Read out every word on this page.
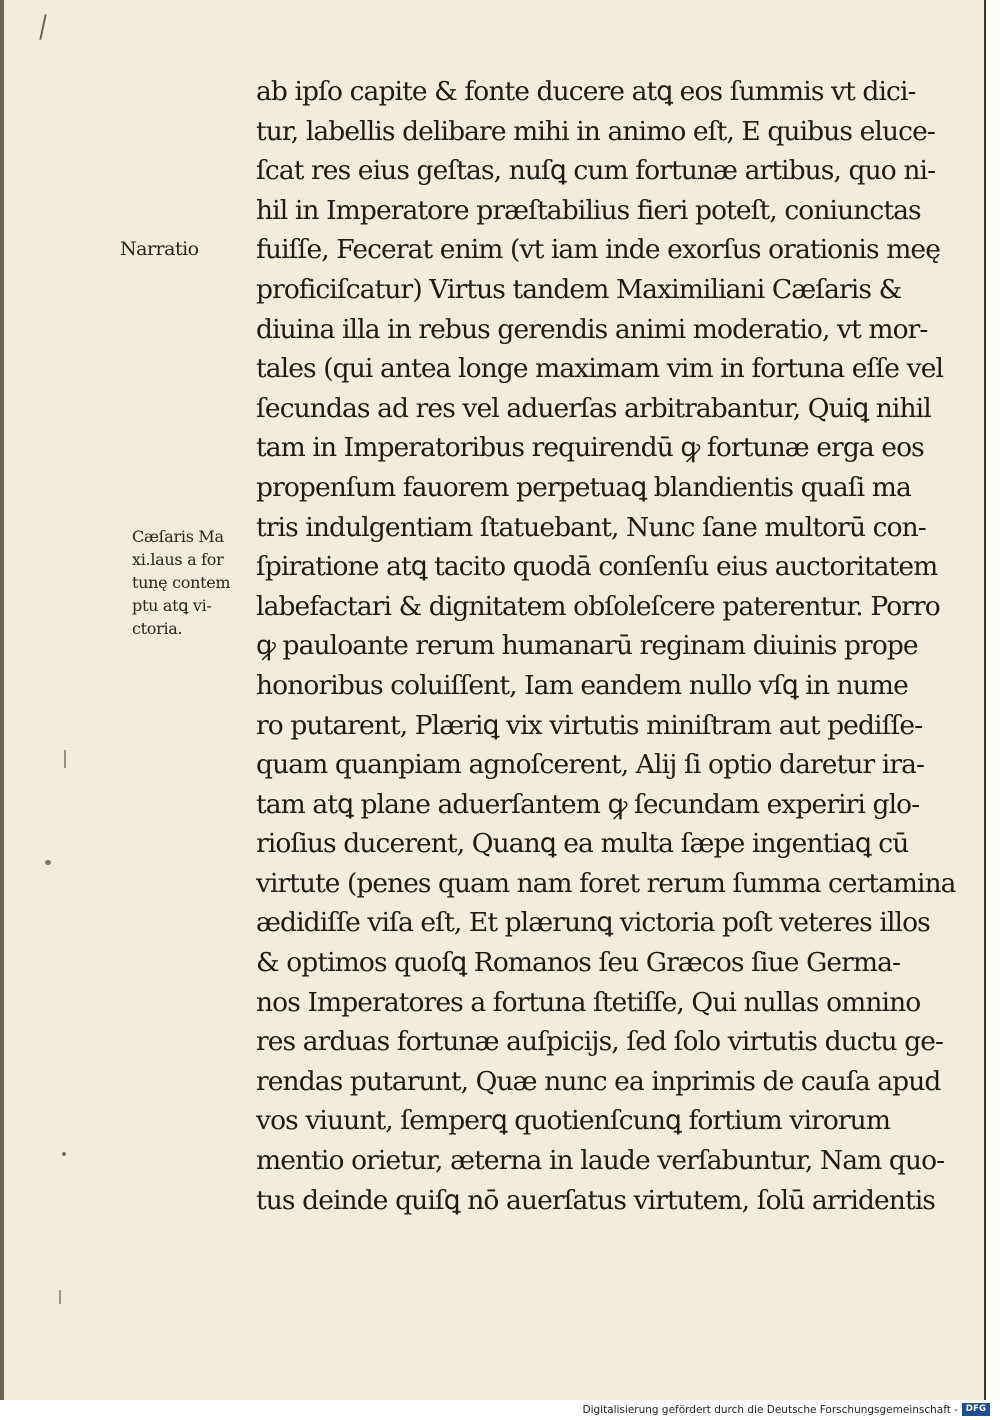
Narratio
Cæſaris Ma
xi.laus a for
tunę contem
ptu atꝗ vi-
ctoria.
ab ipſo capite & fonte ducere atꝗ eos ſummis vt dici-
tur, labellis delibare mihi in animo eſt, E quibus eluce-
ſcat res eius geſtas, nuſꝗ cum fortunæ artibus, quo ni-
hil in Imperatore præſtabilius fieri poteſt, coniunctas
fuiſſe, Fecerat enim (vt iam inde exorſus orationis meę
proficiſcatur) Virtus tandem Maximiliani Cæſaris &
diuina illa in rebus gerendis animi moderatio, vt mor-
tales (qui antea longe maximam vim in fortuna eſſe vel
ſecundas ad res vel aduerſas arbitrabantur, Quiꝗ nihil
tam in Imperatoribus requirendū ꝙ fortunæ erga eos
propenſum fauorem perpetuaꝗ blandientis quaſi ma
tris indulgentiam ſtatuebant, Nunc ſane multorū con-
ſpiratione atꝗ tacito quodā conſenſu eius auctoritatem
labefactari & dignitatem obſoleſcere paterentur. Porro
ꝙ pauloante rerum humanarū reginam diuinis prope
honoribus coluiſſent, Iam eandem nullo vſꝗ in nume
ro putarent, Plæriꝗ vix virtutis miniſtram aut pediſſe-
quam quanpiam agnoſcerent, Alij ſi optio daretur ira-
tam atꝗ plane aduerſantem ꝙ ſecundam experiri glo-
rioſius ducerent, Quanꝗ ea multa ſæpe ingentiaꝗ cū
virtute (penes quam nam foret rerum ſumma certamina
ædidiſſe viſa eſt, Et plærunꝗ victoria poſt veteres illos
& optimos quoſꝗ Romanos ſeu Græcos ſiue Germa-
nos Imperatores a fortuna ſtetiſſe, Qui nullas omnino
res arduas fortunæ auſpicijs, ſed ſolo virtutis ductu ge-
rendas putarunt, Quæ nunc ea inprimis de cauſa apud
vos viuunt, ſemperꝗ quotienſcunꝗ fortium virorum
mentio orietur, æterna in laude verſabuntur, Nam quo-
tus deinde quiſꝗ nō auerſatus virtutem, ſolū arridentis
Digitalisierung gefördert durch die Deutsche Forschungsgemeinschaft - DFG
